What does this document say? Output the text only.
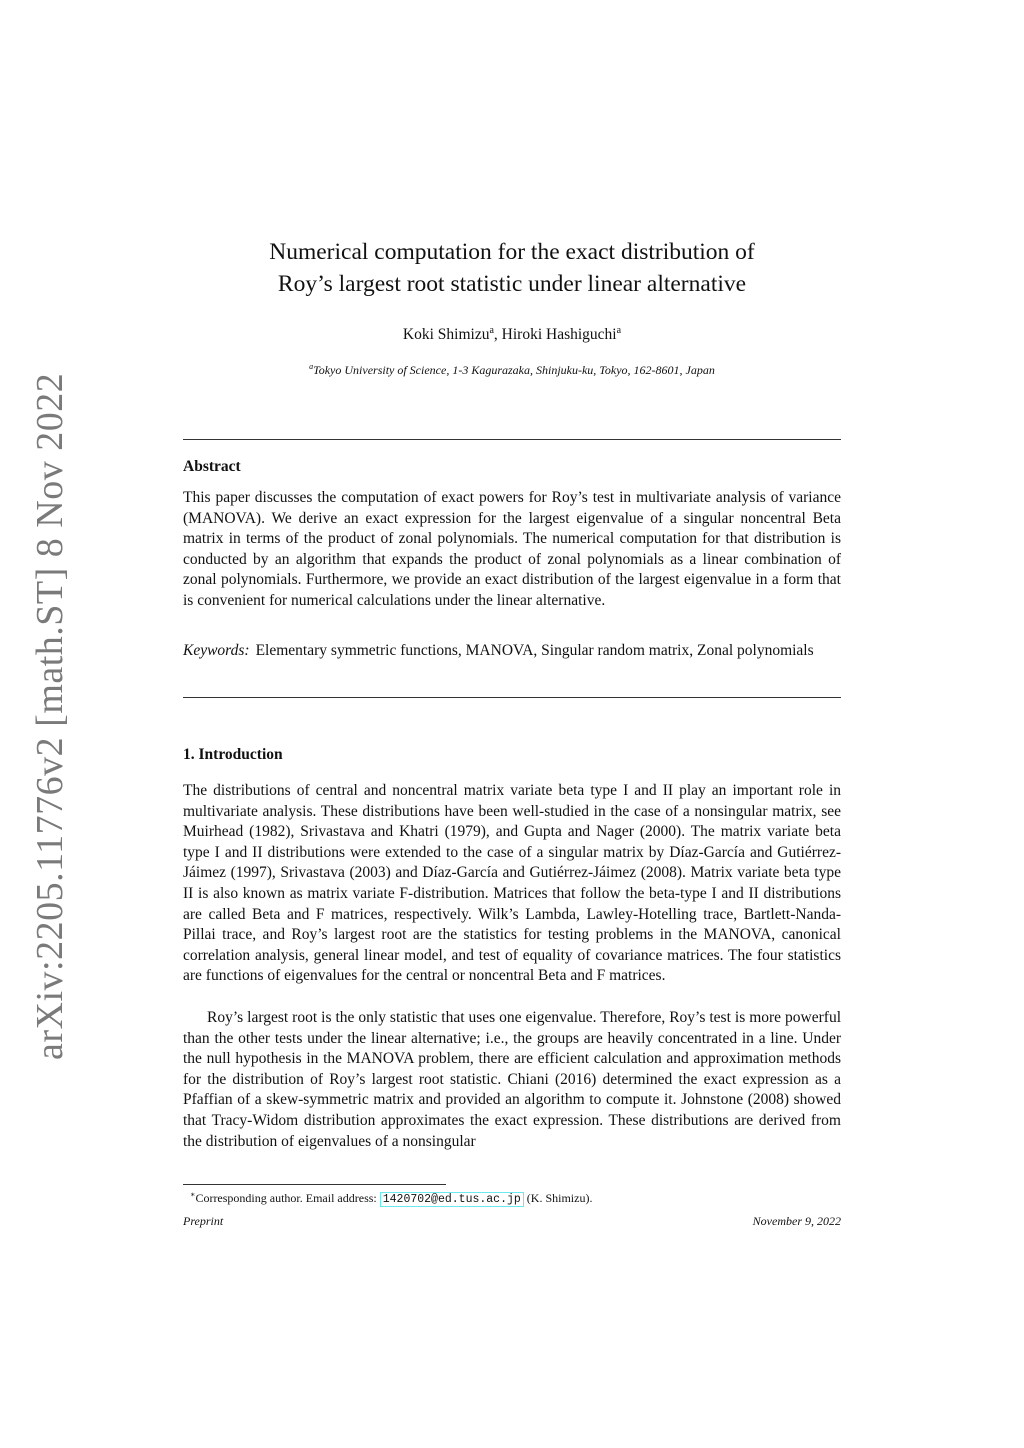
arXiv:2205.11776v2 [math.ST] 8 Nov 2022
Numerical computation for the exact distribution of
Roy’s largest root statistic under linear alternative
Koki Shimizu$^a$, Hiroki Hashiguchi$^a$
$^a$Tokyo University of Science, 1-3 Kagurazaka, Shinjuku-ku, Tokyo, 162-8601, Japan
Abstract

This paper discusses the computation of exact powers for Roy’s test in multivariate analysis of variance (MANOVA). We derive an exact expression for the largest eigenvalue of a singular noncentral Beta matrix in terms of the product of zonal polynomials. The numerical computation for that distribution is conducted by an algorithm that expands the product of zonal polynomials as a linear combination of zonal polynomials. Furthermore, we provide an exact distribution of the largest eigenvalue in a form that is convenient for numerical calculations under the linear alternative.

Keywords: Elementary symmetric functions, MANOVA, Singular random matrix, Zonal polynomials

1. Introduction

The distributions of central and noncentral matrix variate beta type I and II play an important role in multivariate analysis. These distributions have been well-studied in the case of a nonsingular matrix, see Muirhead (1982), Srivastava and Khatri (1979), and Gupta and Nager (2000). The matrix variate beta type I and II distributions were extended to the case of a singular matrix by Díaz-García and Gutiérrez-Jáimez (1997), Srivastava (2003) and Díaz-García and Gutiérrez-Jáimez (2008). Matrix variate beta type II is also known as matrix variate F-distribution. Matrices that follow the beta-type I and II distributions are called Beta and F matrices, respectively. Wilk’s Lambda, Lawley-Hotelling trace, Bartlett-Nanda-Pillai trace, and Roy’s largest root are the statistics for testing problems in the MANOVA, canonical correlation analysis, general linear model, and test of equality of covariance matrices. The four statistics are functions of eigenvalues for the central or noncentral Beta and F matrices.

Roy’s largest root is the only statistic that uses one eigenvalue. Therefore, Roy’s test is more powerful than the other tests under the linear alternative; i.e., the groups are heavily concentrated in a line. Under the null hypothesis in the MANOVA problem, there are efficient calculation and approximation methods for the distribution of Roy’s largest root statistic. Chiani (2016) determined the exact expression as a Pfaffian of a skew-symmetric matrix and provided an algorithm to compute it. Johnstone (2008) showed that Tracy-Widom distribution approximates the exact expression. These distributions are derived from the distribution of eigenvalues of a nonsingular

∗Corresponding author. Email address: 1420702@ed.tus.ac.jp (K. Shimizu).
Preprint	November 9, 2022
